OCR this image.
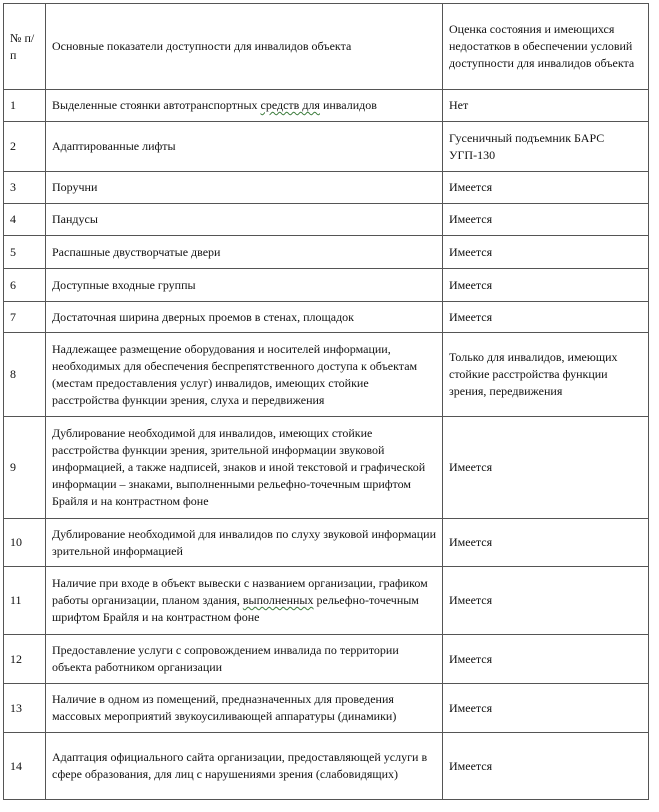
№ п/п	Основные показатели доступности для инвалидов объекта	Оценка состояния и имеющихся недостатков в обеспечении условий доступности для инвалидов объекта
1	Выделенные стоянки автотранспортных средств для инвалидов	Нет
2	Адаптированные лифты	Гусеничный подъемник БАРС УГП-130
3	Поручни	Имеется
4	Пандусы	Имеется
5	Распашные двустворчатые двери	Имеется
6	Доступные входные группы	Имеется
7	Достаточная ширина дверных проемов в стенах, площадок	Имеется
8	Надлежащее размещение оборудования и носителей информации, необходимых для обеспечения беспрепятственного доступа к объектам (местам предоставления услуг) инвалидов, имеющих стойкие расстройства функции зрения, слуха и передвижения	Только для инвалидов, имеющих стойкие расстройства функции зрения, передвижения
9	Дублирование необходимой для инвалидов, имеющих стойкие расстройства функции зрения, зрительной информации звуковой информацией, а также надписей, знаков и иной текстовой и графической информации – знаками, выполненными рельефно-точечным шрифтом Брайля и на контрастном фоне	Имеется
10	Дублирование необходимой для инвалидов по слуху звуковой информации зрительной информацией	Имеется
11	Наличие при входе в объект вывески с названием организации, графиком работы организации, планом здания, выполненных рельефно-точечным шрифтом Брайля и на контрастном фоне	Имеется
12	Предоставление услуги с сопровождением инвалида по территории объекта работником организации	Имеется
13	Наличие в одном из помещений, предназначенных для проведения массовых мероприятий звукоусиливающей аппаратуры (динамики)	Имеется
14	Адаптация официального сайта организации, предоставляющей услуги в сфере образования, для лиц с нарушениями зрения (слабовидящих)	Имеется
